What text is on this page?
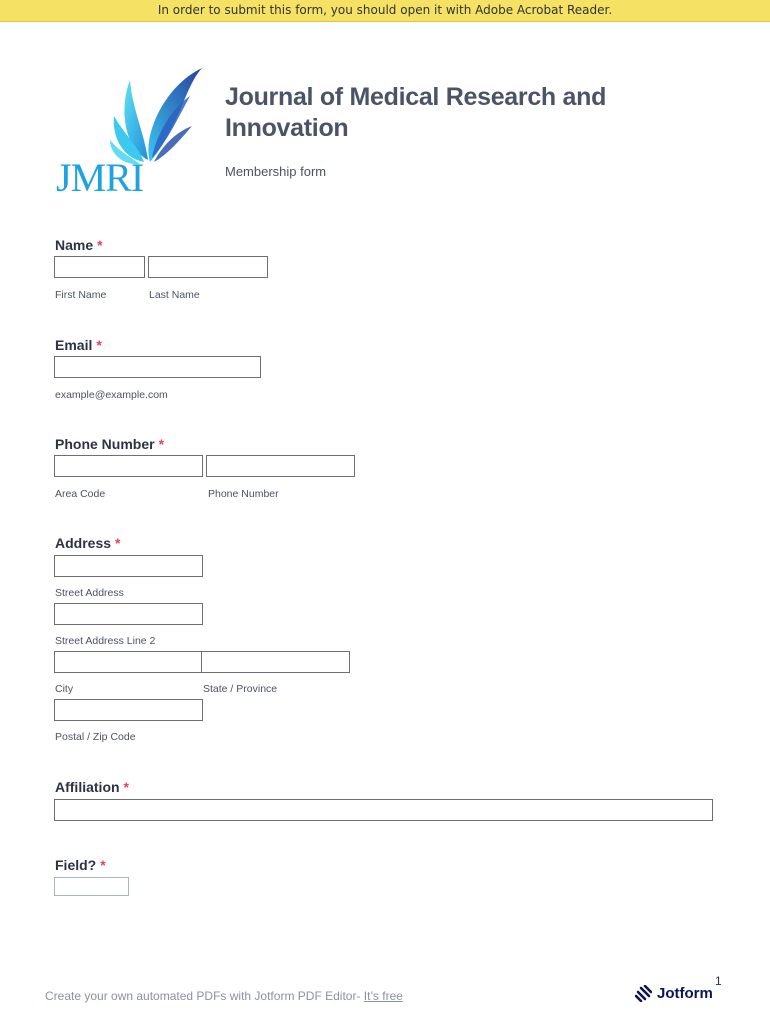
In order to submit this form, you should open it with Adobe Acrobat Reader.
JMRI
Journal of Medical Research and Innovation
Membership form
Name *
First Name	Last Name
Email *
example@example.com
Phone Number *
Area Code	Phone Number
Address *
Street Address
Street Address Line 2
City	State / Province
Postal / Zip Code
Affiliation *
Field? *
Create your own automated PDFs with Jotform PDF Editor- It’s free
1
Jotform
